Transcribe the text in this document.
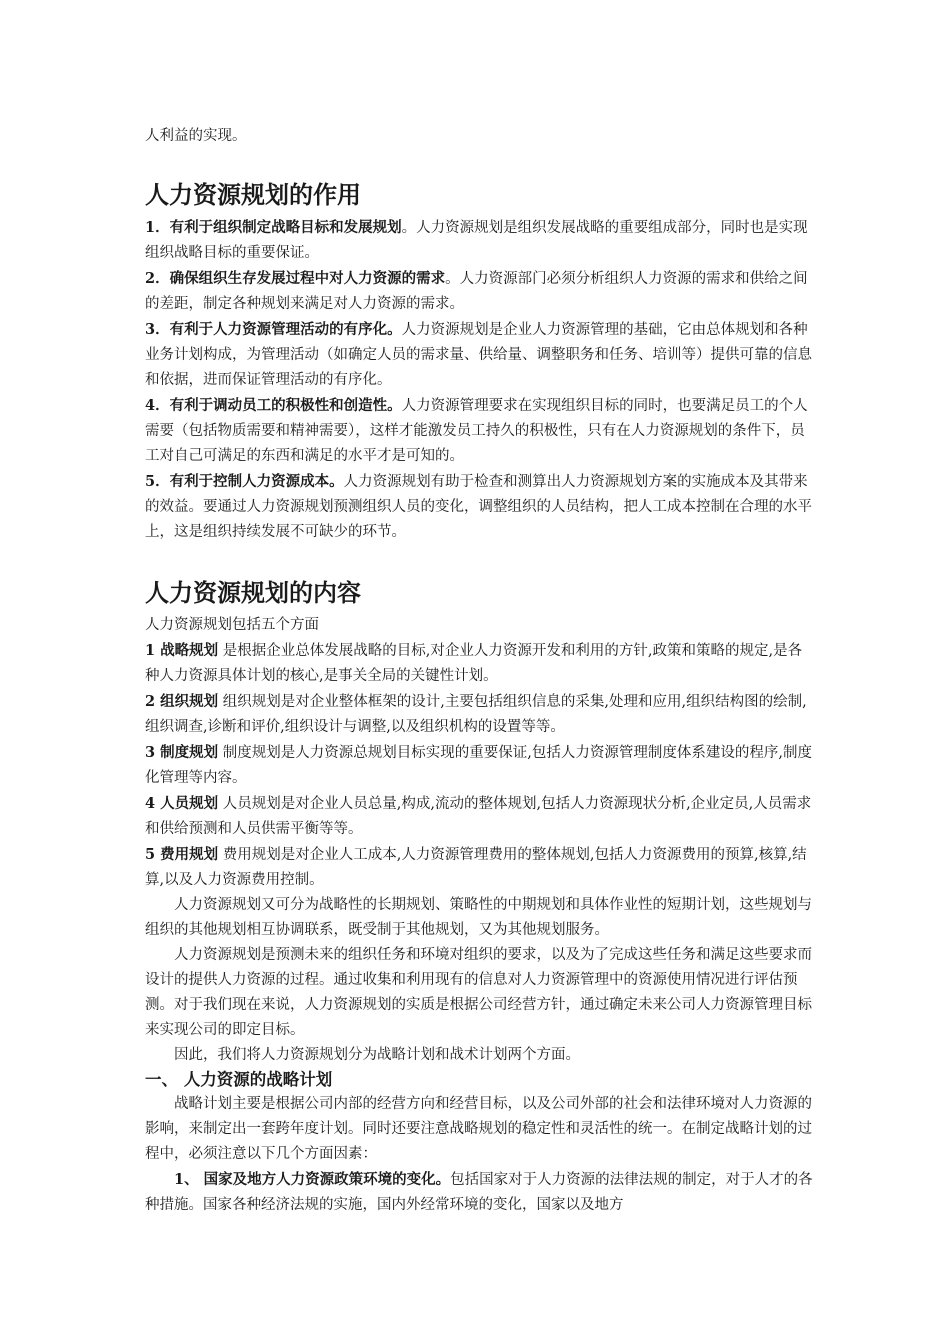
人利益的实现。

人力资源规划的作用

1．有利于组织制定战略目标和发展规划。人力资源规划是组织发展战略的重要组成部分，同时也是实现组织战略目标的重要保证。

2．确保组织生存发展过程中对人力资源的需求。人力资源部门必须分析组织人力资源的需求和供给之间的差距，制定各种规划来满足对人力资源的需求。

3．有利于人力资源管理活动的有序化。人力资源规划是企业人力资源管理的基础，它由总体规划和各种业务计划构成，为管理活动（如确定人员的需求量、供给量、调整职务和任务、培训等）提供可靠的信息和依据，进而保证管理活动的有序化。

4．有利于调动员工的积极性和创造性。人力资源管理要求在实现组织目标的同时，也要满足员工的个人需要（包括物质需要和精神需要），这样才能激发员工持久的积极性，只有在人力资源规划的条件下，员工对自己可满足的东西和满足的水平才是可知的。

5．有利于控制人力资源成本。人力资源规划有助于检查和测算出人力资源规划方案的实施成本及其带来的效益。要通过人力资源规划预测组织人员的变化，调整组织的人员结构，把人工成本控制在合理的水平上，这是组织持续发展不可缺少的环节。

人力资源规划的内容

人力资源规划包括五个方面

1 战略规划 是根据企业总体发展战略的目标,对企业人力资源开发和利用的方针,政策和策略的规定,是各种人力资源具体计划的核心,是事关全局的关键性计划。

2 组织规划 组织规划是对企业整体框架的设计,主要包括组织信息的采集,处理和应用,组织结构图的绘制,组织调查,诊断和评价,组织设计与调整,以及组织机构的设置等等。

3 制度规划 制度规划是人力资源总规划目标实现的重要保证,包括人力资源管理制度体系建设的程序,制度化管理等内容。

4 人员规划 人员规划是对企业人员总量,构成,流动的整体规划,包括人力资源现状分析,企业定员,人员需求和供给预测和人员供需平衡等等。

5 费用规划 费用规划是对企业人工成本,人力资源管理费用的整体规划,包括人力资源费用的预算,核算,结算,以及人力资源费用控制。

人力资源规划又可分为战略性的长期规划、策略性的中期规划和具体作业性的短期计划，这些规划与组织的其他规划相互协调联系，既受制于其他规划，又为其他规划服务。

人力资源规划是预测未来的组织任务和环境对组织的要求，以及为了完成这些任务和满足这些要求而设计的提供人力资源的过程。通过收集和利用现有的信息对人力资源管理中的资源使用情况进行评估预测。对于我们现在来说，人力资源规划的实质是根据公司经营方针，通过确定未来公司人力资源管理目标来实现公司的即定目标。

因此，我们将人力资源规划分为战略计划和战术计划两个方面。

一、 人力资源的战略计划

战略计划主要是根据公司内部的经营方向和经营目标，以及公司外部的社会和法律环境对人力资源的影响，来制定出一套跨年度计划。同时还要注意战略规划的稳定性和灵活性的统一。在制定战略计划的过程中，必须注意以下几个方面因素：

1、 国家及地方人力资源政策环境的变化。包括国家对于人力资源的法律法规的制定，对于人才的各种措施。国家各种经济法规的实施，国内外经常环境的变化，国家以及地方
